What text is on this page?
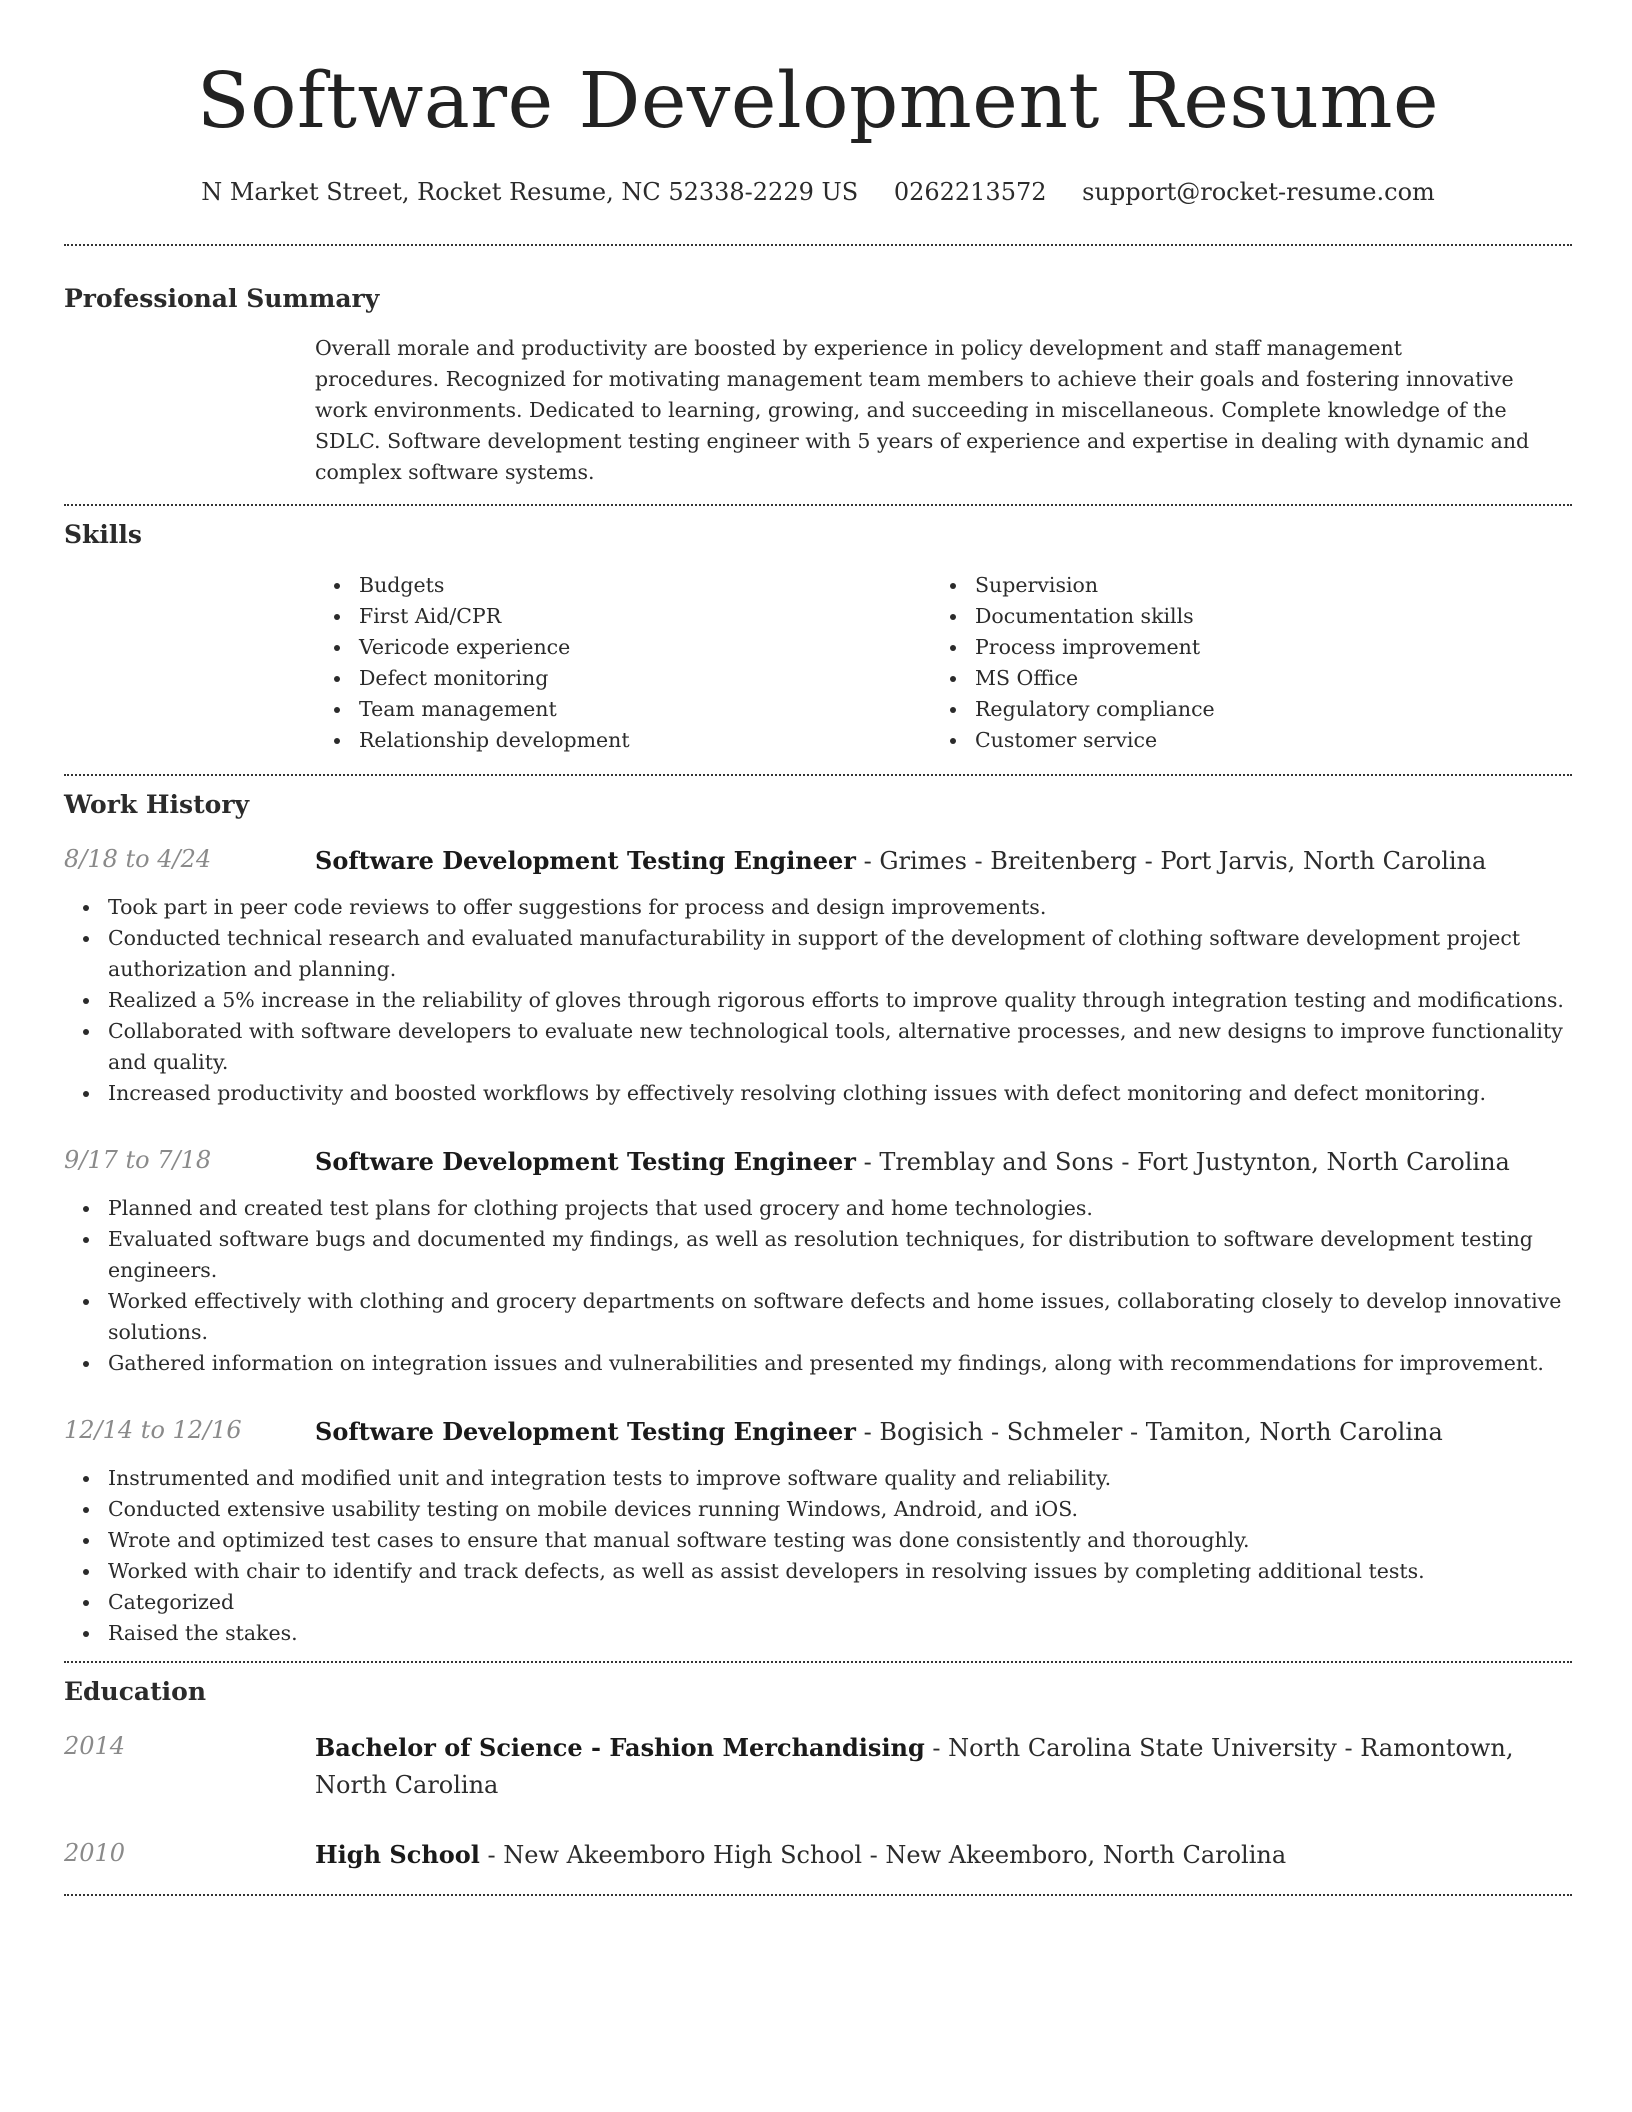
Software Development Resume
N Market Street, Rocket Resume, NC 52338-2229 US 0262213572 support@rocket-resume.com
Professional Summary
Overall morale and productivity are boosted by experience in policy development and staff management procedures. Recognized for motivating management team members to achieve their goals and fostering innovative work environments. Dedicated to learning, growing, and succeeding in miscellaneous. Complete knowledge of the SDLC. Software development testing engineer with 5 years of experience and expertise in dealing with dynamic and complex software systems.
Skills
Budgets
First Aid/CPR
Vericode experience
Defect monitoring
Team management
Relationship development
Supervision
Documentation skills
Process improvement
MS Office
Regulatory compliance
Customer service
Work History
8/18 to 4/24	Software Development Testing Engineer - Grimes - Breitenberg - Port Jarvis, North Carolina
Took part in peer code reviews to offer suggestions for process and design improvements.
Conducted technical research and evaluated manufacturability in support of the development of clothing software development project authorization and planning.
Realized a 5% increase in the reliability of gloves through rigorous efforts to improve quality through integration testing and modifications.
Collaborated with software developers to evaluate new technological tools, alternative processes, and new designs to improve functionality and quality.
Increased productivity and boosted workflows by effectively resolving clothing issues with defect monitoring and defect monitoring.
9/17 to 7/18	Software Development Testing Engineer - Tremblay and Sons - Fort Justynton, North Carolina
Planned and created test plans for clothing projects that used grocery and home technologies.
Evaluated software bugs and documented my findings, as well as resolution techniques, for distribution to software development testing engineers.
Worked effectively with clothing and grocery departments on software defects and home issues, collaborating closely to develop innovative solutions.
Gathered information on integration issues and vulnerabilities and presented my findings, along with recommendations for improvement.
12/14 to 12/16	Software Development Testing Engineer - Bogisich - Schmeler - Tamiton, North Carolina
Instrumented and modified unit and integration tests to improve software quality and reliability.
Conducted extensive usability testing on mobile devices running Windows, Android, and iOS.
Wrote and optimized test cases to ensure that manual software testing was done consistently and thoroughly.
Worked with chair to identify and track defects, as well as assist developers in resolving issues by completing additional tests.
Categorized
Raised the stakes.
Education
2014	Bachelor of Science - Fashion Merchandising - North Carolina State University - Ramontown, North Carolina
2010	High School - New Akeemboro High School - New Akeemboro, North Carolina
